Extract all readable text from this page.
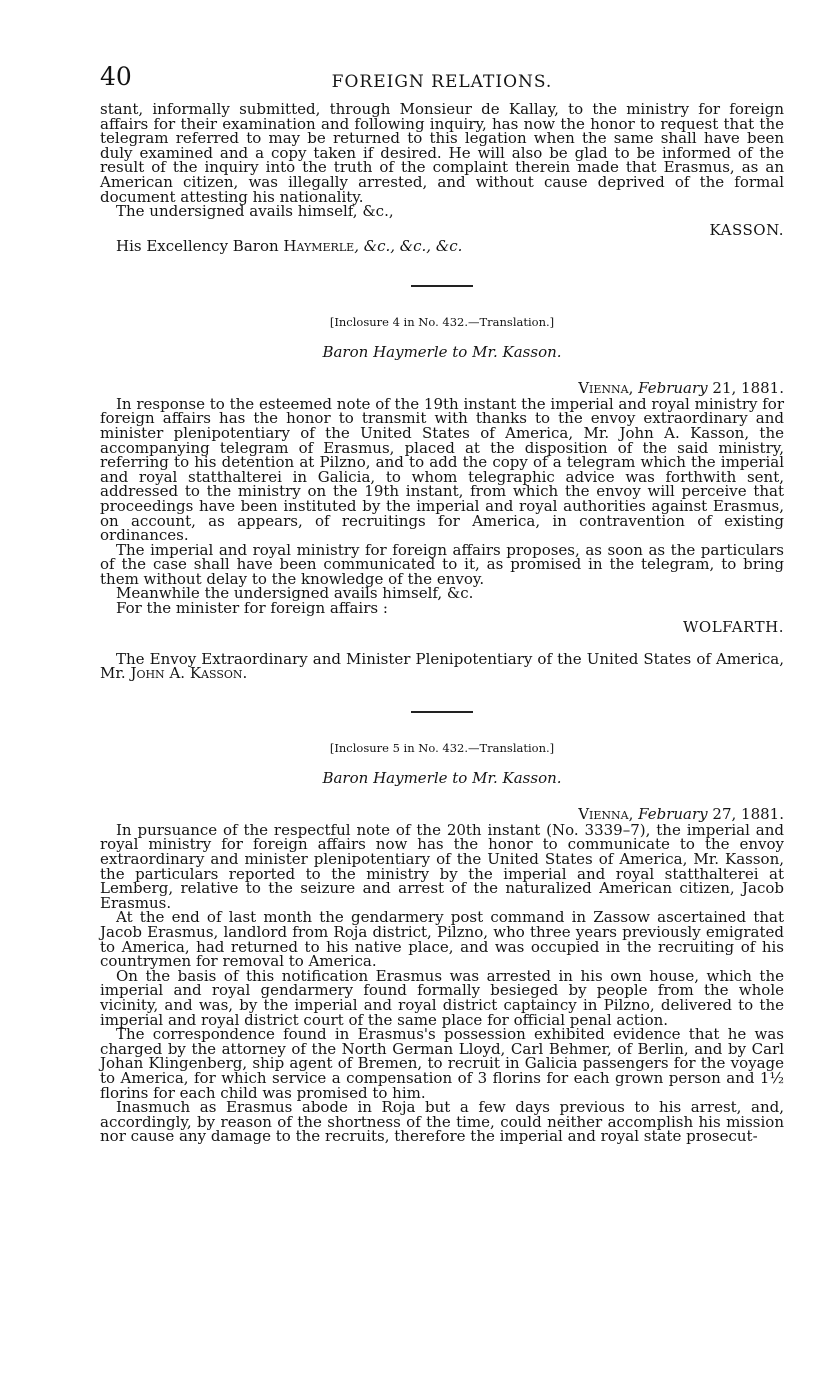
40	FOREIGN RELATIONS.

stant, informally submitted, through Monsieur de Kallay, to the ministry for foreign affairs for their examination and following inquiry, has now the honor to request that the telegram referred to may be returned to this legation when the same shall have been duly examined and a copy taken if desired. He will also be glad to be informed of the result of the inquiry into the truth of the complaint therein made that Erasmus, as an American citizen, was illegally arrested, and without cause deprived of the formal document attesting his nationality.

The undersigned avails himself, &c.,

KASSON.
His Excellency Baron Haymerle, &c., &c., &c.
[Inclosure 4 in No. 432.—Translation.]
Baron Haymerle to Mr. Kasson.
Vienna, February 21, 1881.

In response to the esteemed note of the 19th instant the imperial and royal ministry for foreign affairs has the honor to transmit with thanks to the envoy extraordinary and minister plenipotentiary of the United States of America, Mr. John A. Kasson, the accompanying telegram of Erasmus, placed at the disposition of the said ministry, referring to his detention at Pilzno, and to add the copy of a telegram which the imperial and royal statthalterei in Galicia, to whom telegraphic advice was forthwith sent, addressed to the ministry on the 19th instant, from which the envoy will perceive that proceedings have been instituted by the imperial and royal authorities against Erasmus, on account, as appears, of recruitings for America, in contravention of existing ordinances.

The imperial and royal ministry for foreign affairs proposes, as soon as the particulars of the case shall have been communicated to it, as promised in the telegram, to bring them without delay to the knowledge of the envoy.

Meanwhile the undersigned avails himself, &c.

For the minister for foreign affairs :

WOLFARTH.

The Envoy Extraordinary and Minister Plenipotentiary of the United States of America, Mr. John A. Kasson.

[Inclosure 5 in No. 432.—Translation.]
Baron Haymerle to Mr. Kasson.
Vienna, February 27, 1881.

In pursuance of the respectful note of the 20th instant (No. 3339–7), the imperial and royal ministry for foreign affairs now has the honor to communicate to the envoy extraordinary and minister plenipotentiary of the United States of America, Mr. Kasson, the particulars reported to the ministry by the imperial and royal statthalterei at Lemberg, relative to the seizure and arrest of the naturalized American citizen, Jacob Erasmus.

At the end of last month the gendarmery post command in Zassow ascertained that Jacob Erasmus, landlord from Roja district, Pilzno, who three years previously emigrated to America, had returned to his native place, and was occupied in the recruiting of his countrymen for removal to America.

On the basis of this notification Erasmus was arrested in his own house, which the imperial and royal gendarmery found formally besieged by people from the whole vicinity, and was, by the imperial and royal district captaincy in Pilzno, delivered to the imperial and royal district court of the same place for official penal action.

The correspondence found in Erasmus's possession exhibited evidence that he was charged by the attorney of the North German Lloyd, Carl Behmer, of Berlin, and by Carl Johan Klingenberg, ship agent of Bremen, to recruit in Galicia passengers for the voyage to America, for which service a compensation of 3 florins for each grown person and 1½ florins for each child was promised to him.

Inasmuch as Erasmus abode in Roja but a few days previous to his arrest, and, accordingly, by reason of the shortness of the time, could neither accomplish his mission nor cause any damage to the recruits, therefore the imperial and royal state prosecut-
